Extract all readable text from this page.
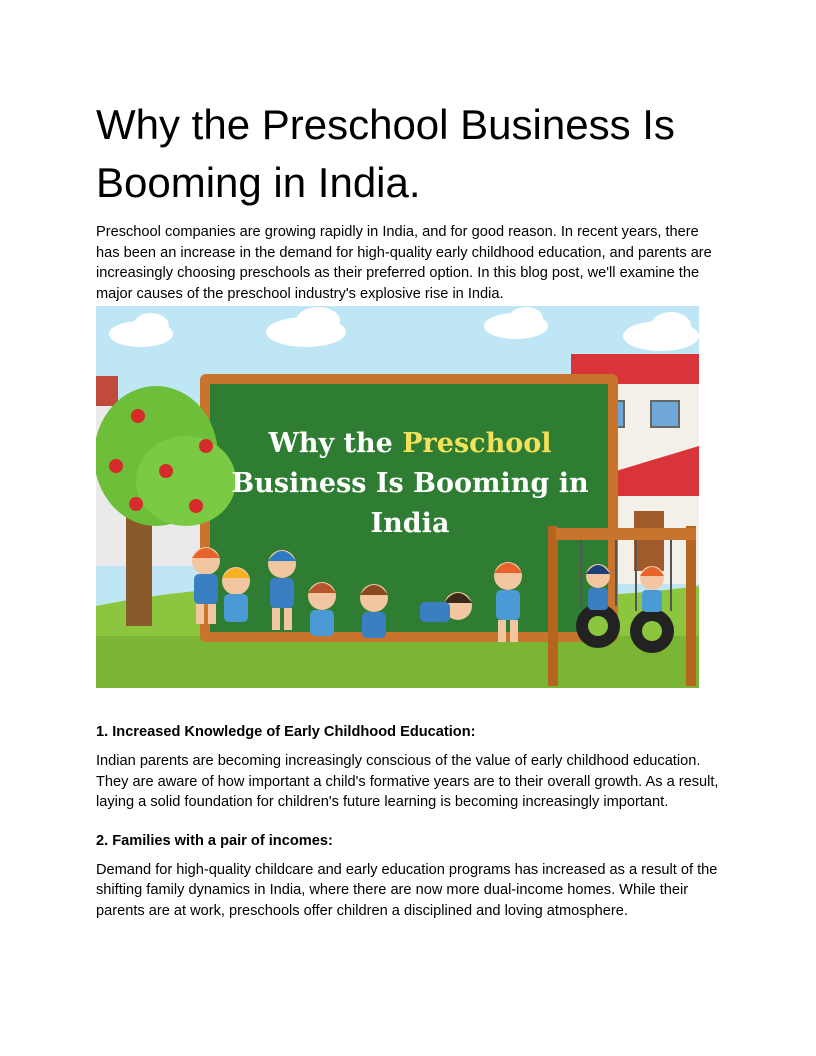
Why the Preschool Business Is
Booming in India.

Preschool companies are growing rapidly in India, and for good reason. In recent years, there has been an increase in the demand for high-quality early childhood education, and parents are increasingly choosing preschools as their preferred option. In this blog post, we'll examine the major causes of the preschool industry's explosive rise in India.

Why the Preschool
Business Is Booming in
India
1. Increased Knowledge of Early Childhood Education:

Indian parents are becoming increasingly conscious of the value of early childhood education. They are aware of how important a child's formative years are to their overall growth. As a result, laying a solid foundation for children's future learning is becoming increasingly important.

2. Families with a pair of incomes:

Demand for high-quality childcare and early education programs has increased as a result of the shifting family dynamics in India, where there are now more dual-income homes. While their parents are at work, preschools offer children a disciplined and loving atmosphere.
